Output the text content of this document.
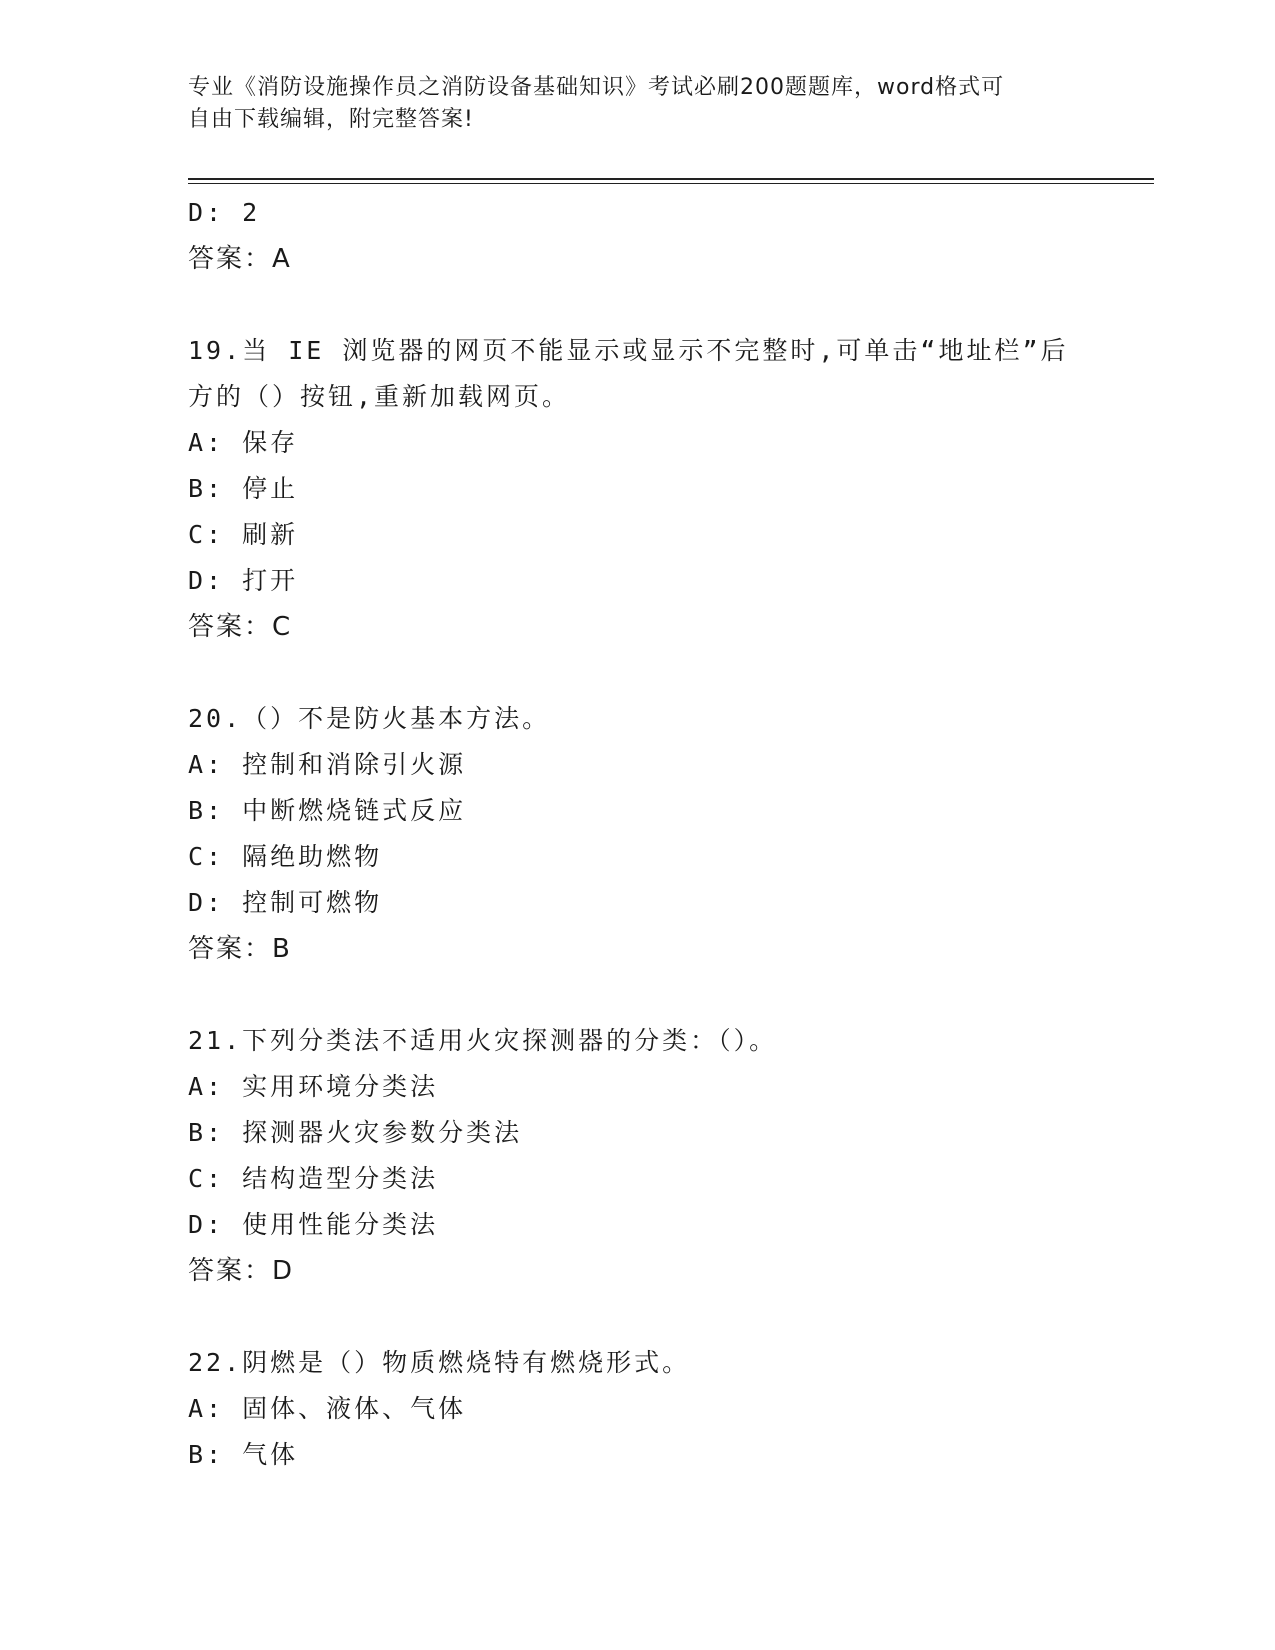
专业《消防设施操作员之消防设备基础知识》考试必刷200题题库，word格式可
自由下载编辑，附完整答案!
D: 2
答案：A
19.当 IE 浏览器的网页不能显示或显示不完整时,可单击“地址栏”后
方的（）按钮,重新加载网页。
A: 保存
B: 停止
C: 刷新
D: 打开
答案：C
20.（）不是防火基本方法。
A: 控制和消除引火源
B: 中断燃烧链式反应
C: 隔绝助燃物
D: 控制可燃物
答案：B
21.下列分类法不适用火灾探测器的分类：（）。
A: 实用环境分类法
B: 探测器火灾参数分类法
C: 结构造型分类法
D: 使用性能分类法
答案：D
22.阴燃是（）物质燃烧特有燃烧形式。
A: 固体、液体、气体
B: 气体
